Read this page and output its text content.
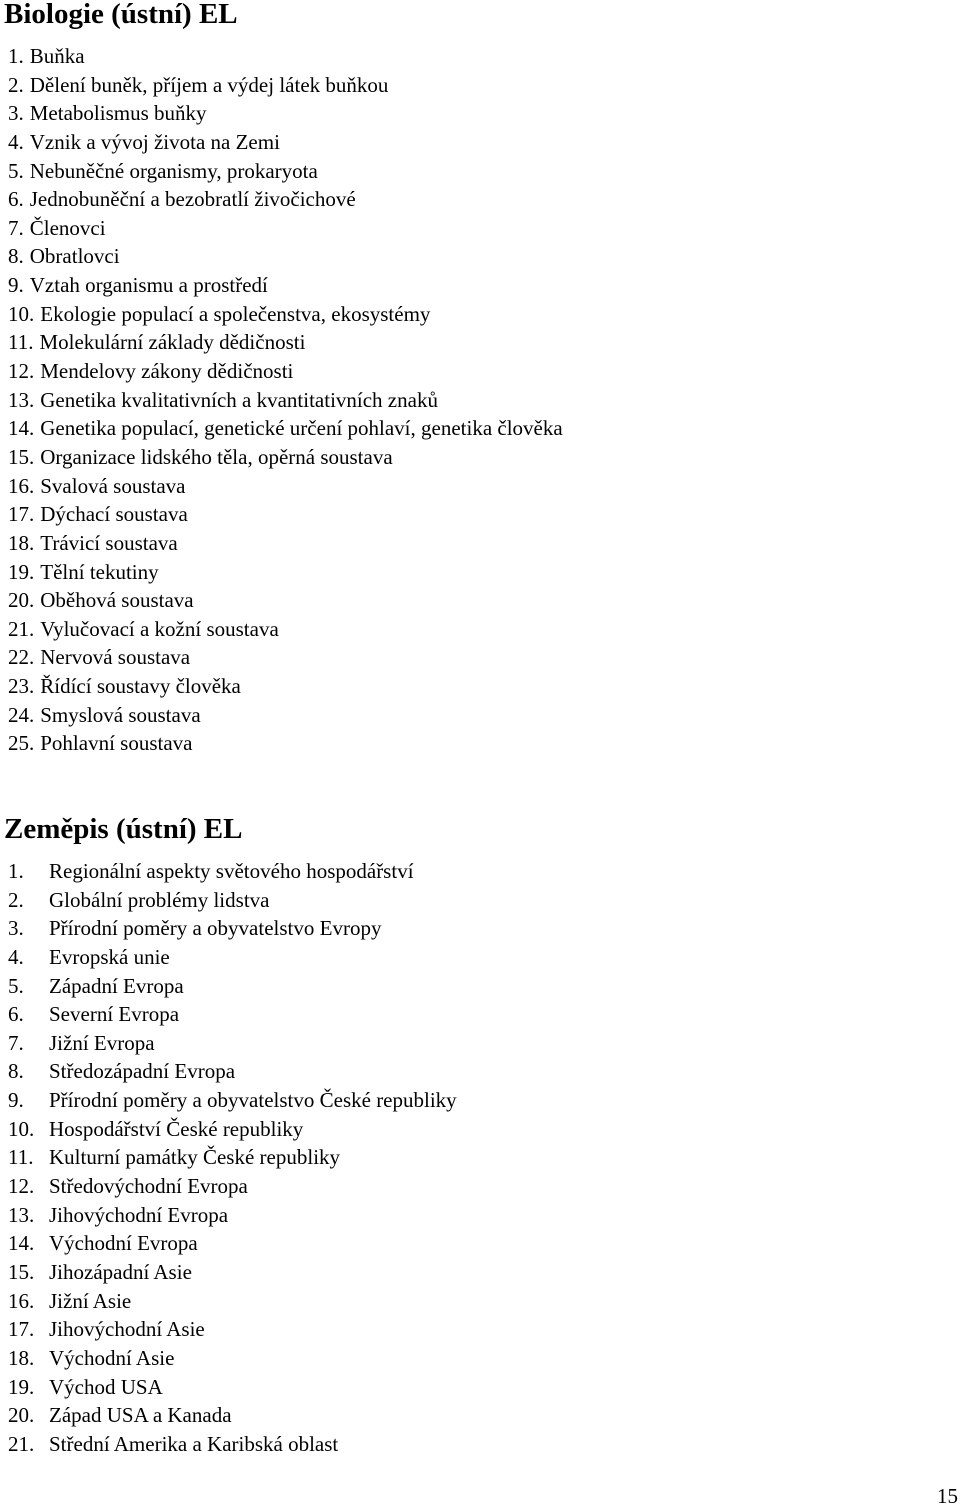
Biologie (ústní) EL
1. Buňka
2. Dělení buněk, příjem a výdej látek buňkou
3. Metabolismus buňky
4. Vznik a vývoj života na Zemi
5. Nebuněčné organismy, prokaryota
6. Jednobuněční a bezobratlí živočichové
7. Členovci
8. Obratlovci
9. Vztah organismu a prostředí
10. Ekologie populací a společenstva, ekosystémy
11. Molekulární základy dědičnosti
12. Mendelovy zákony dědičnosti
13. Genetika kvalitativních a kvantitativních znaků
14. Genetika populací, genetické určení pohlaví, genetika člověka
15. Organizace lidského těla, opěrná soustava
16. Svalová soustava
17. Dýchací soustava
18. Trávicí soustava
19. Tělní tekutiny
20. Oběhová soustava
21. Vylučovací a kožní soustava
22. Nervová soustava
23. Řídící soustavy člověka
24. Smyslová soustava
25. Pohlavní soustava
Zeměpis (ústní) EL
1.	Regionální aspekty světového hospodářství
2.	Globální problémy lidstva
3.	Přírodní poměry a obyvatelstvo Evropy
4.	Evropská unie
5.	Západní Evropa
6.	Severní Evropa
7.	Jižní Evropa
8.	Středozápadní Evropa
9.	Přírodní poměry a obyvatelstvo České republiky
10. Hospodářství České republiky
11. Kulturní památky České republiky
12. Středovýchodní Evropa
13. Jihovýchodní Evropa
14. Východní Evropa
15. Jihozápadní Asie
16. Jižní Asie
17. Jihovýchodní Asie
18. Východní Asie
19. Východ USA
20. Západ USA a Kanada
21. Střední Amerika a Karibská oblast
15
